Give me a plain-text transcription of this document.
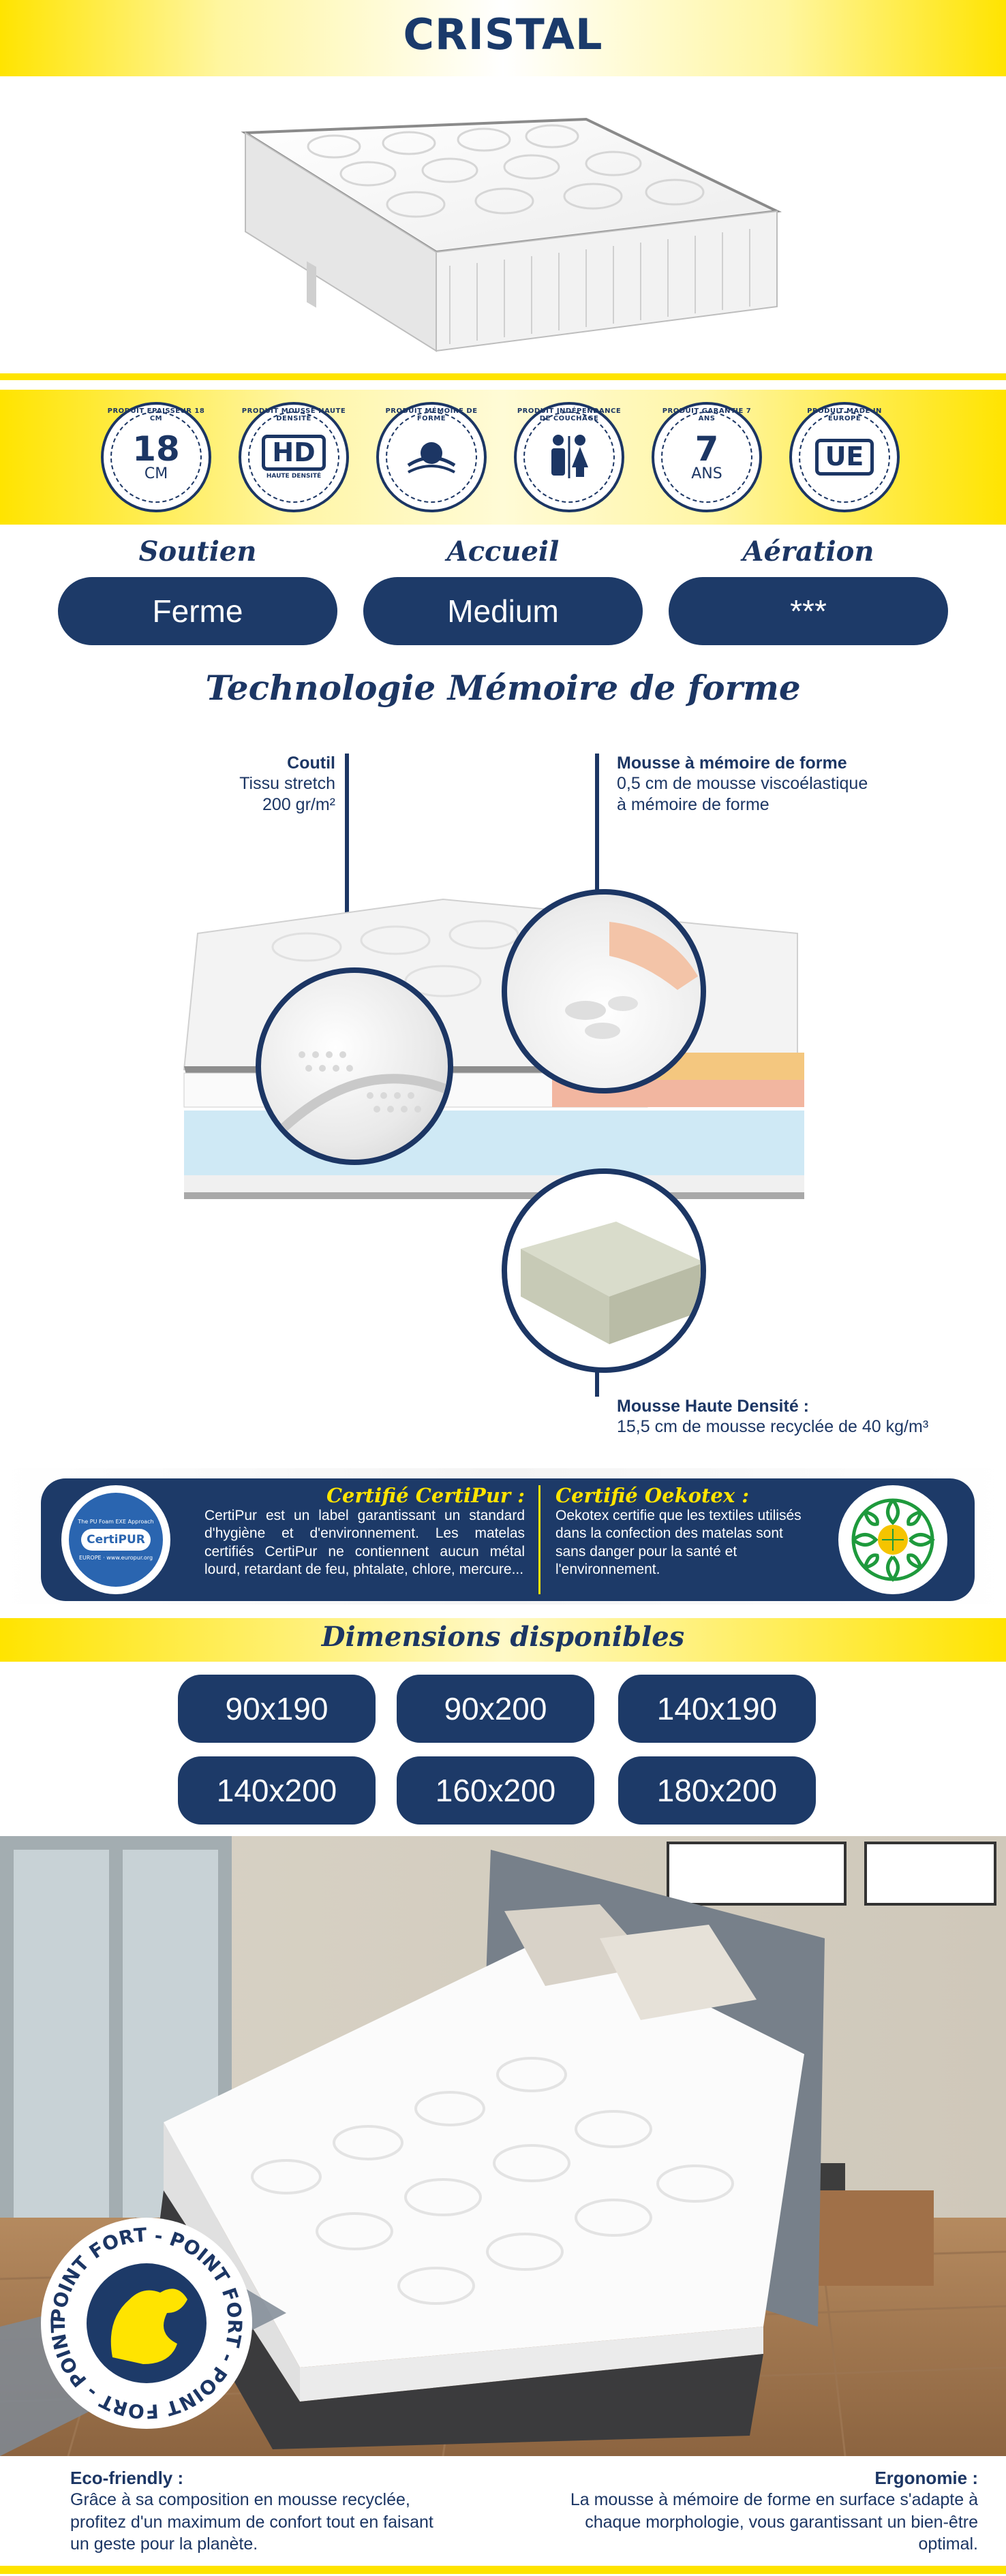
CRISTAL
PRODUIT EPAISSEUR 18 CM
18
CM
PRODUIT MOUSSE HAUTE DENSITÉ
HD
HAUTE DENSITÉ
PRODUIT MÉMOIRE DE FORME
PRODUIT INDÉPENDANCE DE COUCHAGE
PRODUIT GARANTIE 7 ANS
7
ANS
PRODUIT MADE IN EUROPE
UE
Soutien	Accueil	Aération
Ferme	Medium	***
Technologie Mémoire de forme
Coutil
Tissu stretch
200 gr/m²
Mousse à mémoire de forme
0,5 cm de mousse viscoélastique
à mémoire de forme
Mousse Haute Densité :
15,5 cm de mousse recyclée de 40 kg/m³
The PU Foam EXE Approach
CertiPUR
EUROPE · www.europur.org
Certifié CertiPur :
CertiPur est un label garantissant un standard d'hygiène et d'environnement. Les matelas certifiés CertiPur ne contiennent aucun métal lourd, retardant de feu, phtalate, chlore, mercure...
Certifié Oekotex :
Oekotex certifie que les textiles utilisés dans la confection des matelas sont sans danger pour la santé et l'environnement.
Dimensions disponibles
90x190	90x200	140x190
140x200	160x200	180x200
POINT FORT - POINT FORT - POINT FORT - POINT
Eco-friendly :
Grâce à sa composition en mousse recyclée, profitez d'un maximum de confort tout en faisant un geste pour la planète.
Ergonomie :
La mousse à mémoire de forme en surface s'adapte à chaque morphologie, vous garantissant un bien-être optimal.
